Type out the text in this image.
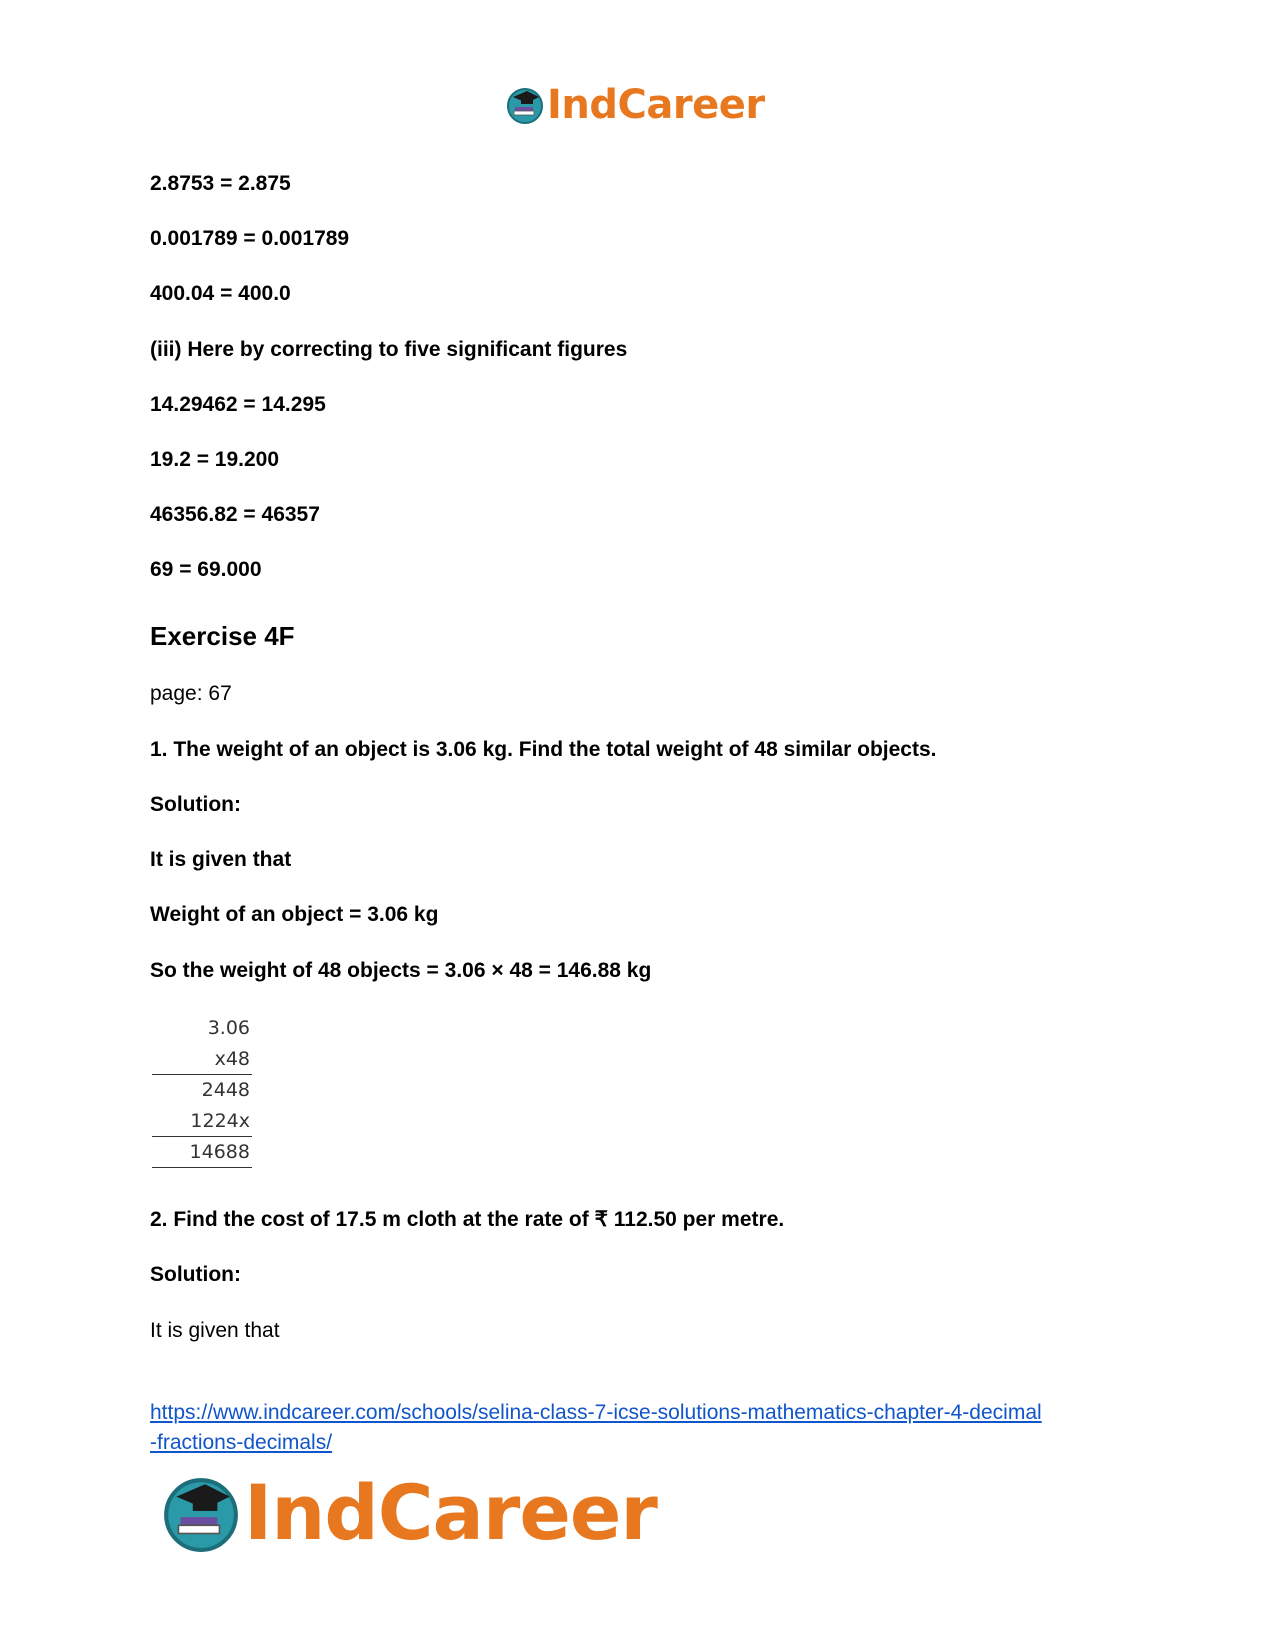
IndCareer
2.8753 = 2.875
0.001789 = 0.001789
400.04 = 400.0
(iii) Here by correcting to five significant figures
14.29462 = 14.295
19.2 = 19.200
46356.82 = 46357
69 = 69.000
Exercise 4F
page: 67
1. The weight of an object is 3.06 kg. Find the total weight of 48 similar objects.
Solution:
It is given that
Weight of an object = 3.06 kg
So the weight of 48 objects = 3.06 × 48 = 146.88 kg
3.06
x48
2448
1224x
14688
2. Find the cost of 17.5 m cloth at the rate of ₹ 112.50 per metre.
Solution:
It is given that
https://www.indcareer.com/schools/selina-class-7-icse-solutions-mathematics-chapter-4-decimal
-fractions-decimals/
IndCareer
